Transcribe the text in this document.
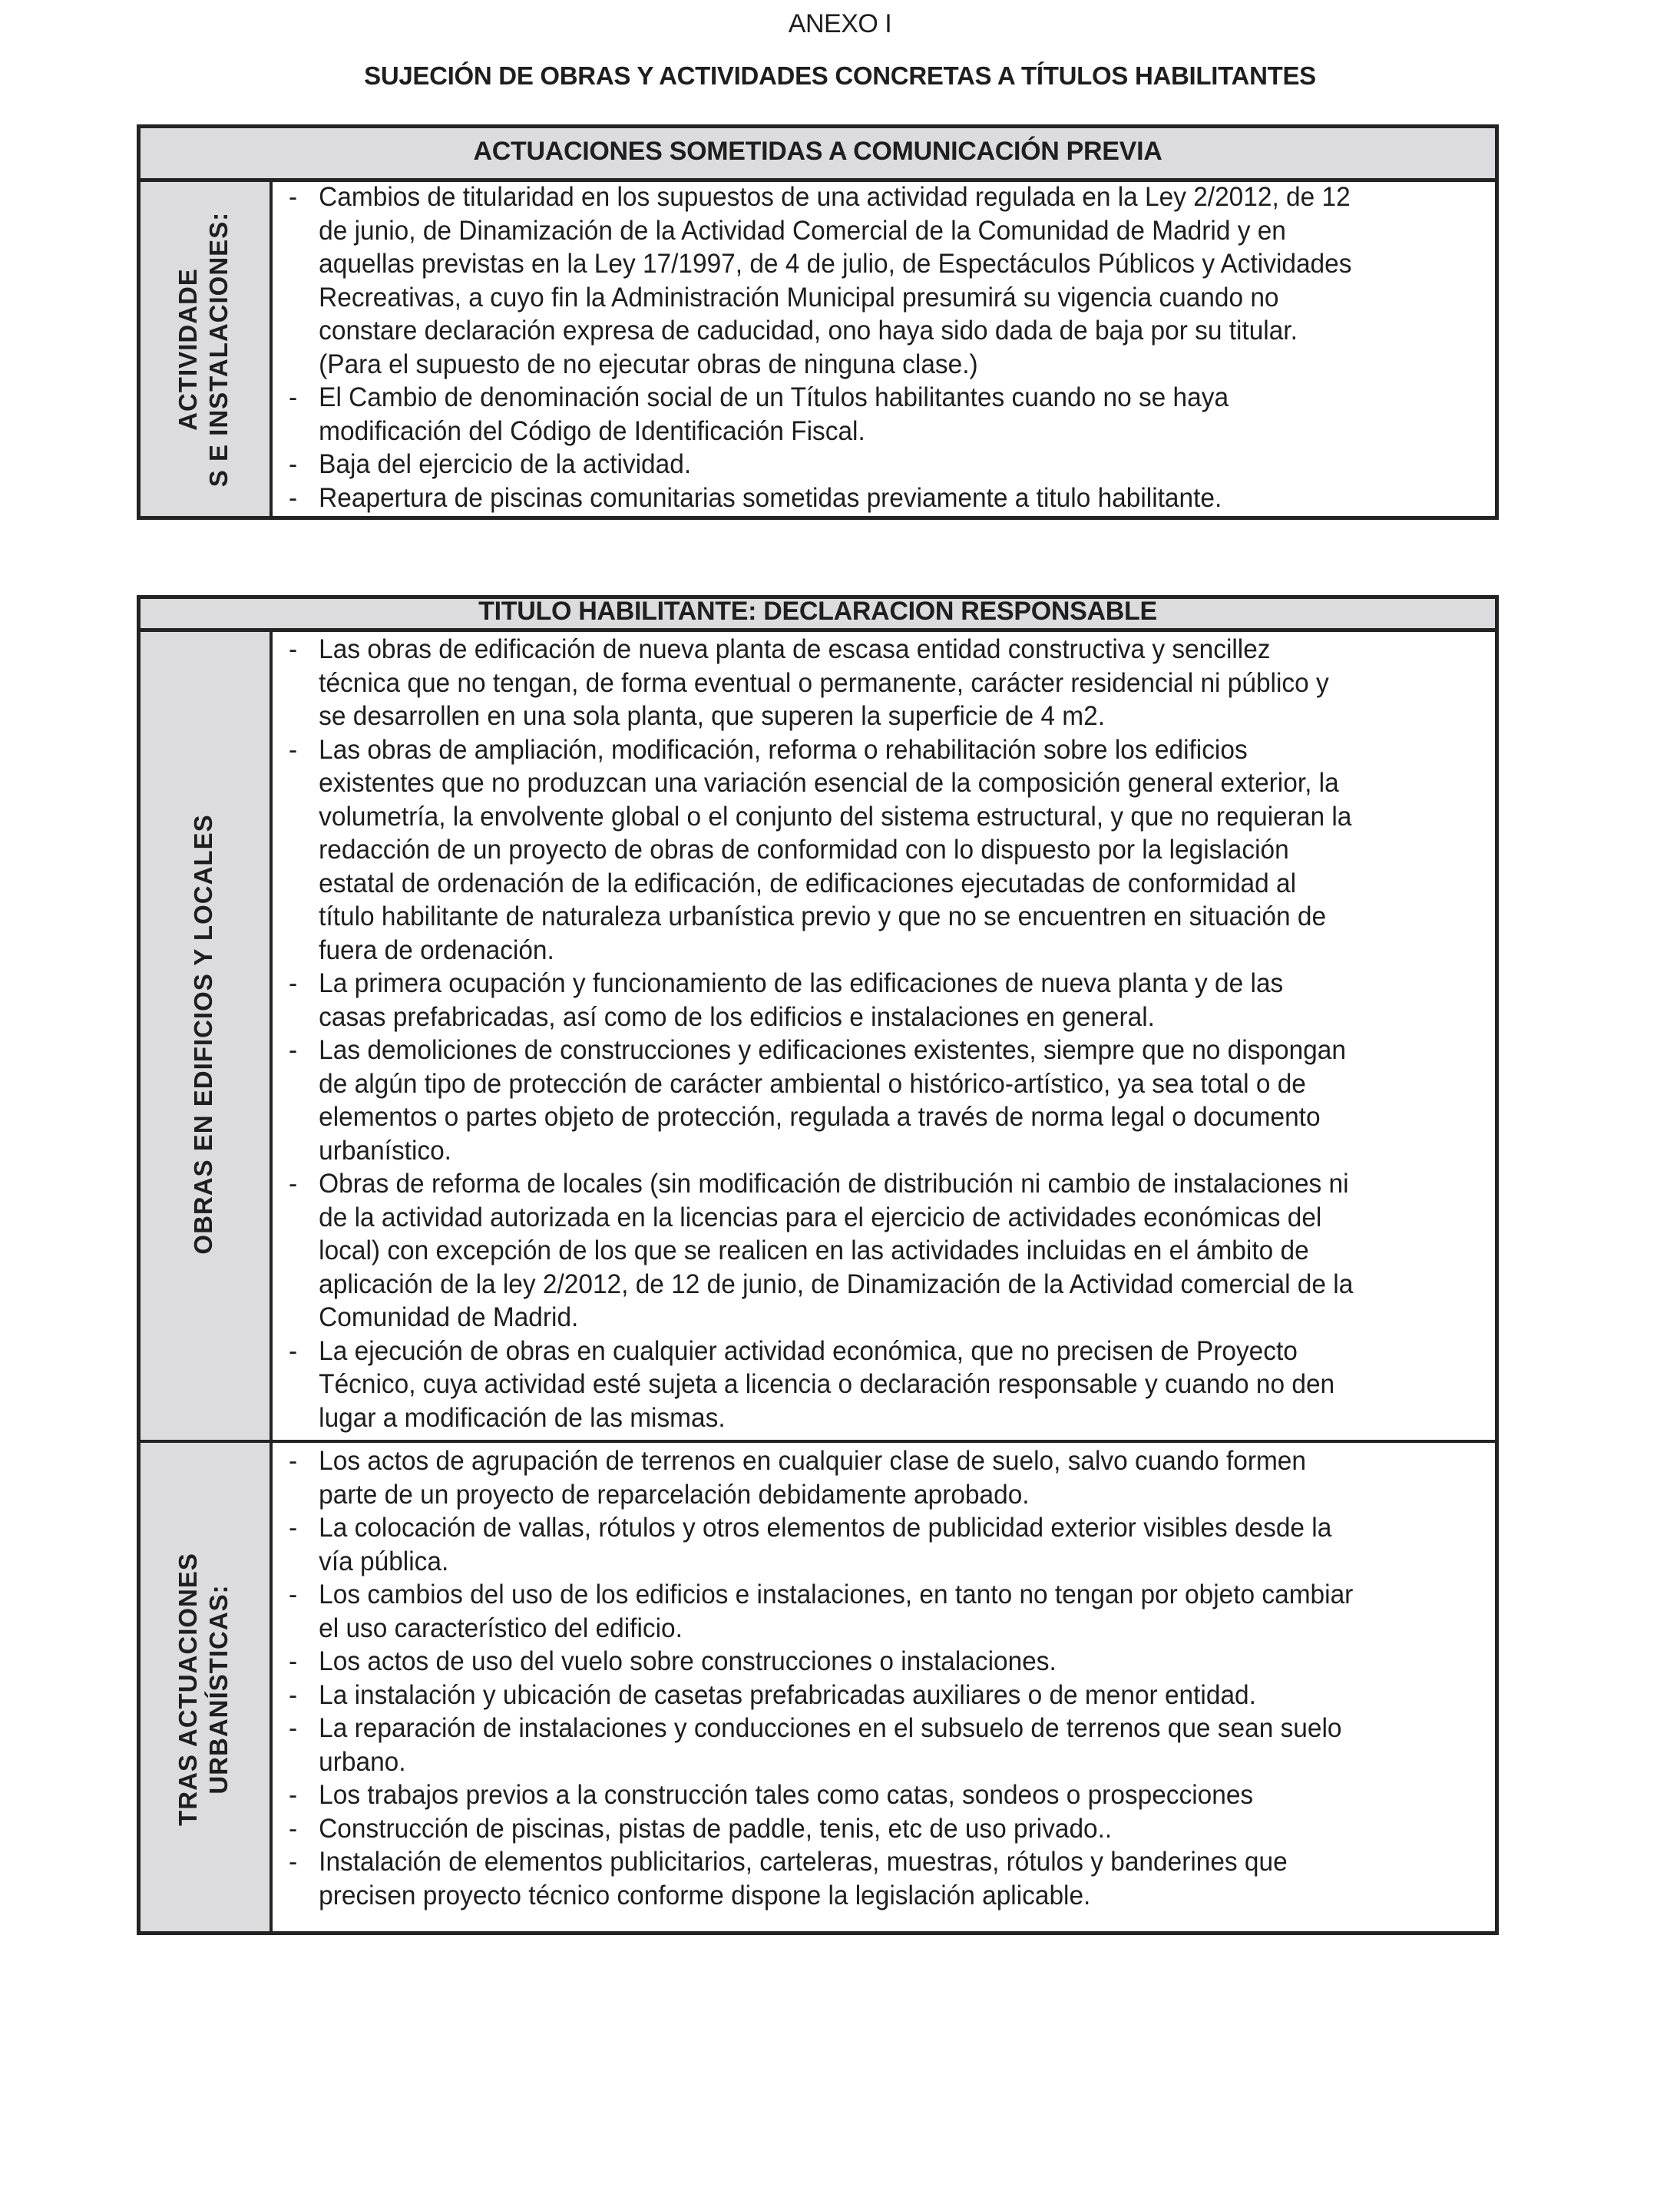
ANEXO I
SUJECIÓN DE OBRAS Y ACTIVIDADES CONCRETAS A TÍTULOS HABILITANTES
ACTUACIONES SOMETIDAS A COMUNICACIÓN PREVIA
ACTIVIDADE S E INSTALACIONES:
- Cambios de titularidad en los supuestos de una actividad regulada en la Ley 2/2012, de 12
de junio, de Dinamización de la Actividad Comercial de la Comunidad de Madrid y en
aquellas previstas en la Ley 17/1997, de 4 de julio, de Espectáculos Públicos y Actividades
Recreativas, a cuyo fin la Administración Municipal presumirá su vigencia cuando no
constare declaración expresa de caducidad, ono haya sido dada de baja por su titular.
(Para el supuesto de no ejecutar obras de ninguna clase.)
- El Cambio de denominación social de un Títulos habilitantes cuando no se haya
modificación del Código de Identificación Fiscal.
- Baja del ejercicio de la actividad.
- Reapertura de piscinas comunitarias sometidas previamente a titulo habilitante.
TITULO HABILITANTE: DECLARACION RESPONSABLE
OBRAS EN EDIFICIOS Y LOCALES
- Las obras de edificación de nueva planta de escasa entidad constructiva y sencillez
técnica que no tengan, de forma eventual o permanente, carácter residencial ni público y
se desarrollen en una sola planta, que superen la superficie de 4 m2.
- Las obras de ampliación, modificación, reforma o rehabilitación sobre los edificios
existentes que no produzcan una variación esencial de la composición general exterior, la
volumetría, la envolvente global o el conjunto del sistema estructural, y que no requieran la
redacción de un proyecto de obras de conformidad con lo dispuesto por la legislación
estatal de ordenación de la edificación, de edificaciones ejecutadas de conformidad al
título habilitante de naturaleza urbanística previo y que no se encuentren en situación de
fuera de ordenación.
- La primera ocupación y funcionamiento de las edificaciones de nueva planta y de las
casas prefabricadas, así como de los edificios e instalaciones en general.
- Las demoliciones de construcciones y edificaciones existentes, siempre que no dispongan
de algún tipo de protección de carácter ambiental o histórico-artístico, ya sea total o de
elementos o partes objeto de protección, regulada a través de norma legal o documento
urbanístico.
- Obras de reforma de locales (sin modificación de distribución ni cambio de instalaciones ni
de la actividad autorizada en la licencias para el ejercicio de actividades económicas del
local) con excepción de los que se realicen en las actividades incluidas en el ámbito de
aplicación de la ley 2/2012, de 12 de junio, de Dinamización de la Actividad comercial de la
Comunidad de Madrid.
- La ejecución de obras en cualquier actividad económica, que no precisen de Proyecto
Técnico, cuya actividad esté sujeta a licencia o declaración responsable y cuando no den
lugar a modificación de las mismas.
TRAS ACTUACIONES URBANÍSTICAS:
- Los actos de agrupación de terrenos en cualquier clase de suelo, salvo cuando formen
parte de un proyecto de reparcelación debidamente aprobado.
- La colocación de vallas, rótulos y otros elementos de publicidad exterior visibles desde la
vía pública.
- Los cambios del uso de los edificios e instalaciones, en tanto no tengan por objeto cambiar
el uso característico del edificio.
- Los actos de uso del vuelo sobre construcciones o instalaciones.
- La instalación y ubicación de casetas prefabricadas auxiliares o de menor entidad.
- La reparación de instalaciones y conducciones en el subsuelo de terrenos que sean suelo
urbano.
- Los trabajos previos a la construcción tales como catas, sondeos o prospecciones
- Construcción de piscinas, pistas de paddle, tenis, etc de uso privado..
- Instalación de elementos publicitarios, carteleras, muestras, rótulos y banderines que
precisen proyecto técnico conforme dispone la legislación aplicable.
